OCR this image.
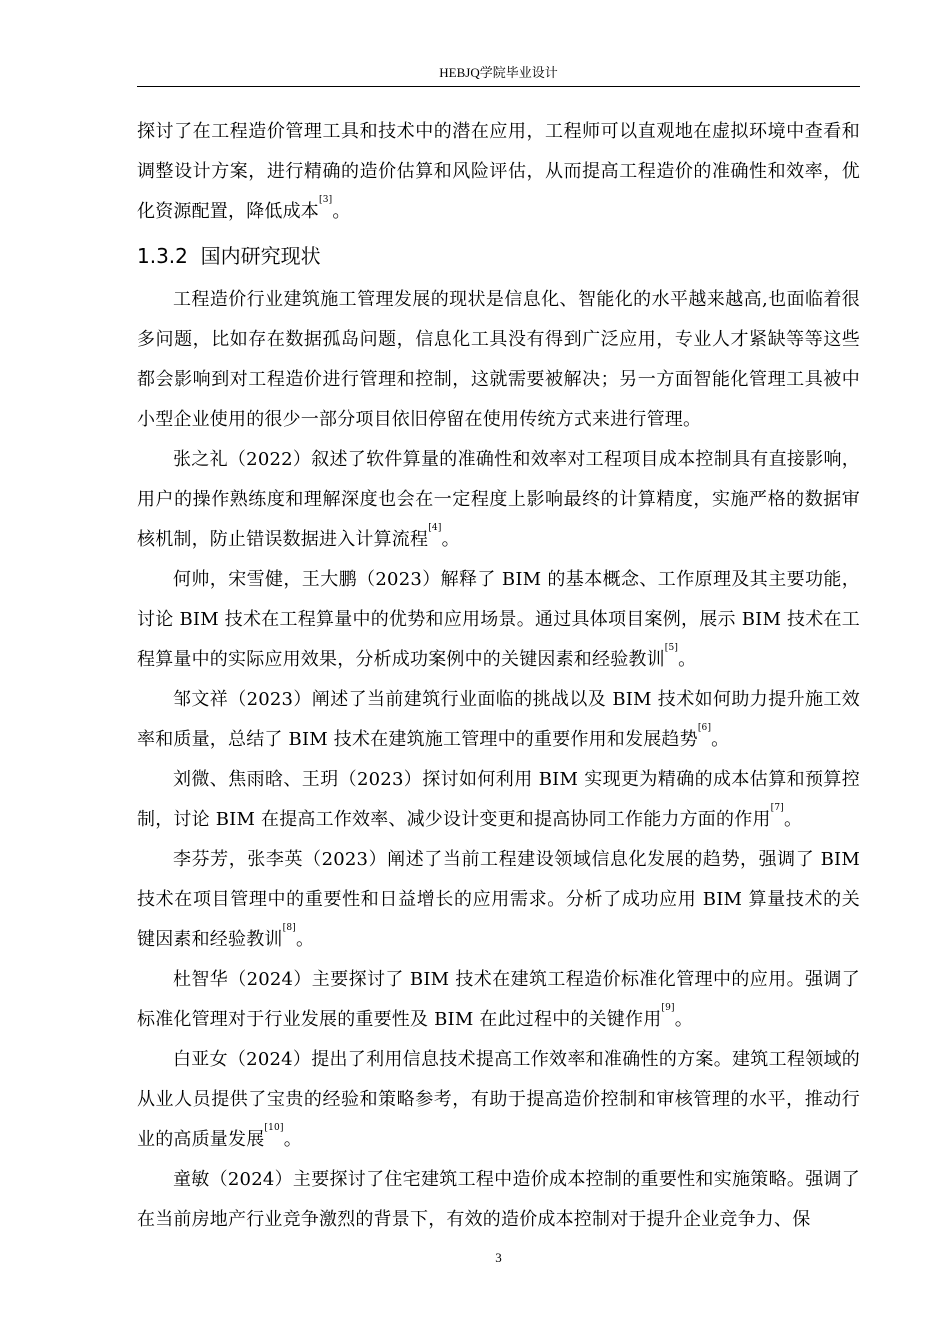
HEBJQ学院毕业设计

探讨了在工程造价管理工具和技术中的潜在应用，工程师可以直观地在虚拟环境中查看和调整设计方案，进行精确的造价估算和风险评估，从而提高工程造价的准确性和效率，优化资源配置，降低成本[3]。

1.3.2 国内研究现状

工程造价行业建筑施工管理发展的现状是信息化、智能化的水平越来越高,也面临着很多问题，比如存在数据孤岛问题，信息化工具没有得到广泛应用，专业人才紧缺等等这些都会影响到对工程造价进行管理和控制，这就需要被解决；另一方面智能化管理工具被中小型企业使用的很少一部分项目依旧停留在使用传统方式来进行管理。

张之礼（2022）叙述了软件算量的准确性和效率对工程项目成本控制具有直接影响，用户的操作熟练度和理解深度也会在一定程度上影响最终的计算精度，实施严格的数据审核机制，防止错误数据进入计算流程[4]。

何帅，宋雪健，王大鹏（2023）解释了 BIM 的基本概念、工作原理及其主要功能，讨论 BIM 技术在工程算量中的优势和应用场景。通过具体项目案例，展示 BIM 技术在工程算量中的实际应用效果，分析成功案例中的关键因素和经验教训[5]。

邹文祥（2023）阐述了当前建筑行业面临的挑战以及 BIM 技术如何助力提升施工效率和质量，总结了 BIM 技术在建筑施工管理中的重要作用和发展趋势[6]。

刘微、焦雨晗、王玥（2023）探讨如何利用 BIM 实现更为精确的成本估算和预算控制，讨论 BIM 在提高工作效率、减少设计变更和提高协同工作能力方面的作用[7]。

李芬芳，张李英（2023）阐述了当前工程建设领域信息化发展的趋势，强调了 BIM 技术在项目管理中的重要性和日益增长的应用需求。分析了成功应用 BIM 算量技术的关键因素和经验教训[8]。

杜智华（2024）主要探讨了 BIM 技术在建筑工程造价标准化管理中的应用。强调了标准化管理对于行业发展的重要性及 BIM 在此过程中的关键作用[9]。

白亚女（2024）提出了利用信息技术提高工作效率和准确性的方案。建筑工程领域的从业人员提供了宝贵的经验和策略参考，有助于提高造价控制和审核管理的水平，推动行业的高质量发展[10]。

童敏（2024）主要探讨了住宅建筑工程中造价成本控制的重要性和实施策略。强调了在当前房地产行业竞争激烈的背景下，有效的造价成本控制对于提升企业竞争力、保

3
